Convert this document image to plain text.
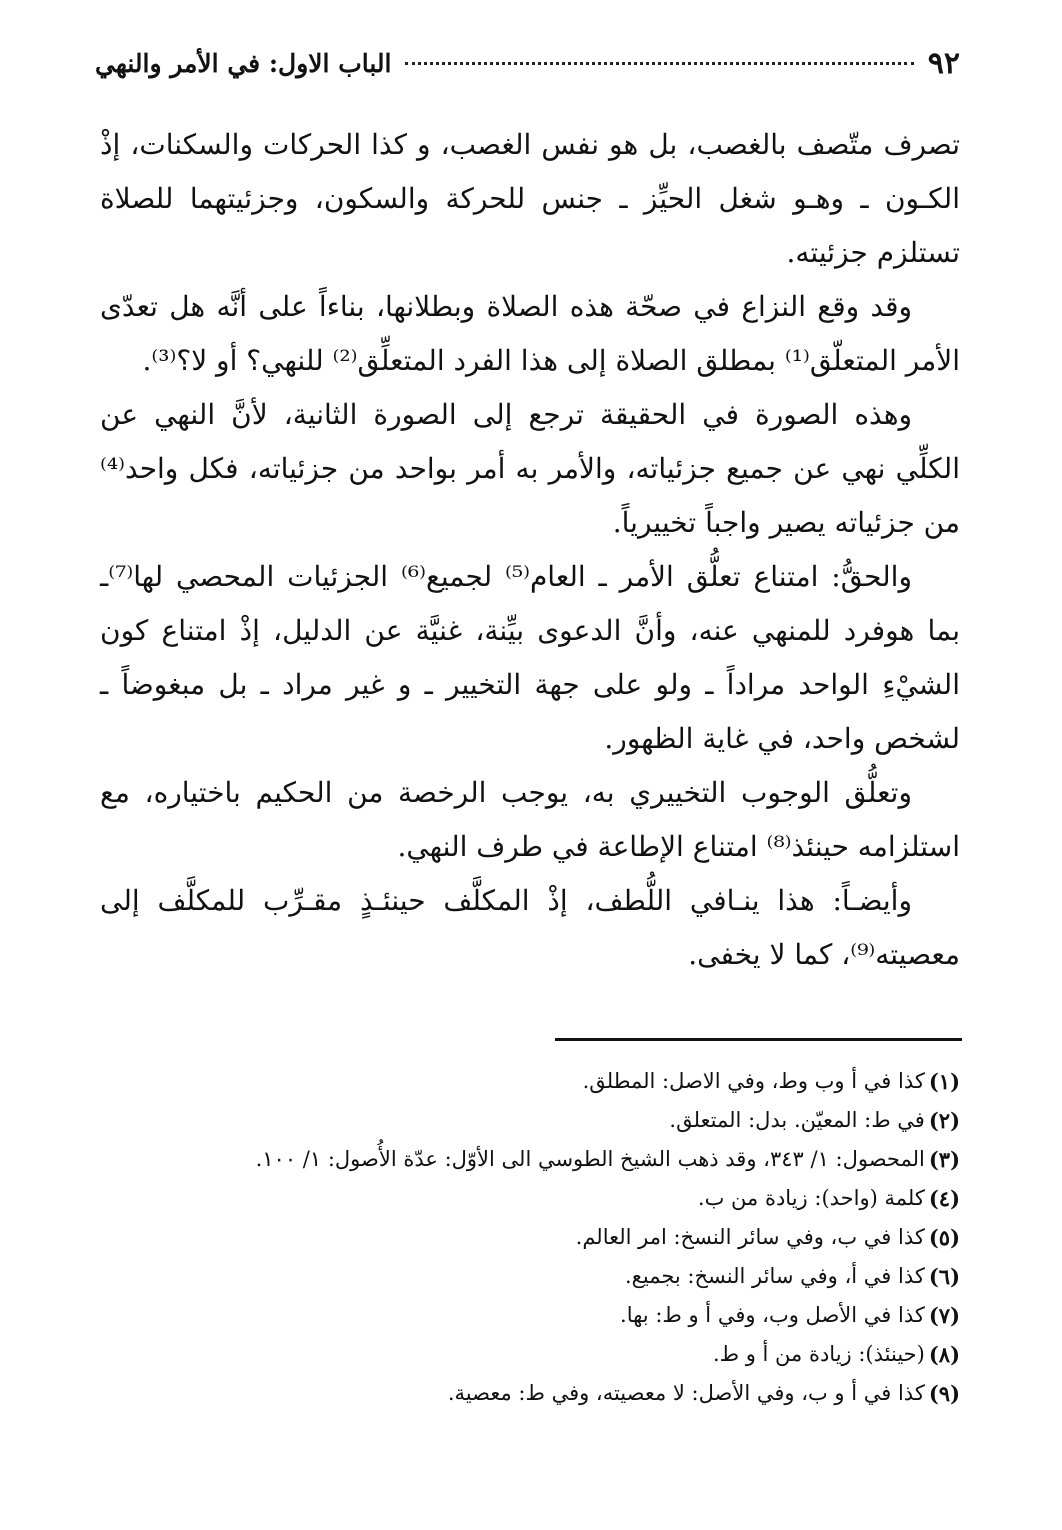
الباب الاول: في الأمر والنهي	٩٢

تصرف متّصف بالغصب، بل هو نفس الغصب، و كذا الحركات والسكنات، إذْ الكـون ـ وهـو شغل الحيِّز ـ جنس للحركة والسكون، وجزئيتهما للصلاة تستلزم جزئيته.

وقد وقع النزاع في صحّة هذه الصلاة وبطلانها، بناءاً على أنَّه هل تعدّى الأمر المتعلّق⁽¹⁾ بمطلق الصلاة إلى هذا الفرد المتعلِّق⁽²⁾ للنهي؟ أو لا؟⁽³⁾.

وهذه الصورة في الحقيقة ترجع إلى الصورة الثانية، لأنَّ النهي عن الكلِّي نهي عن جميع جزئياته، والأمر به أمر بواحد من جزئياته، فكل واحد⁽⁴⁾ من جزئياته يصير واجباً تخييرياً.

والحقُّ: امتناع تعلُّق الأمر ـ العام⁽⁵⁾ لجميع⁽⁶⁾ الجزئيات المحصي لها⁽⁷⁾ـ بما هوفرد للمنهي عنه، وأنَّ الدعوى بيِّنة، غنيَّة عن الدليل، إذْ امتناع كون الشيْءِ الواحد مراداً ـ ولو على جهة التخيير ـ و غير مراد ـ بل مبغوضاً ـ لشخص واحد، في غاية الظهور.

وتعلُّق الوجوب التخييري به، يوجب الرخصة من الحكيم باختياره، مع استلزامه حينئذ⁽⁸⁾ امتناع الإطاعة في طرف النهي.

وأيضـاً: هذا ينـافي اللُّطف، إذْ المكلَّف حينئـذٍ مقـرِّب للمكلَّف إلى معصيته⁽⁹⁾، كما لا يخفى.

(١)
كذا في أ وب وط، وفي الاصل: المطلق.
(٢)
في ط: المعيّن. بدل: المتعلق.
(٣)
المحصول: ١/ ٣٤٣، وقد ذهب الشيخ الطوسي الى الأوّل: عدّة الأُصول: ١/ ١٠٠.
(٤)
كلمة (واحد): زيادة من ب.
(٥)
كذا في ب، وفي سائر النسخ: امر العالم.
(٦)
كذا في أ، وفي سائر النسخ: بجميع.
(٧)
كذا في الأصل وب، وفي أ و ط: بها.
(٨)
(حينئذ): زيادة من أ و ط.
(٩)
كذا في أ و ب، وفي الأصل: لا معصيته، وفي ط: معصية.
